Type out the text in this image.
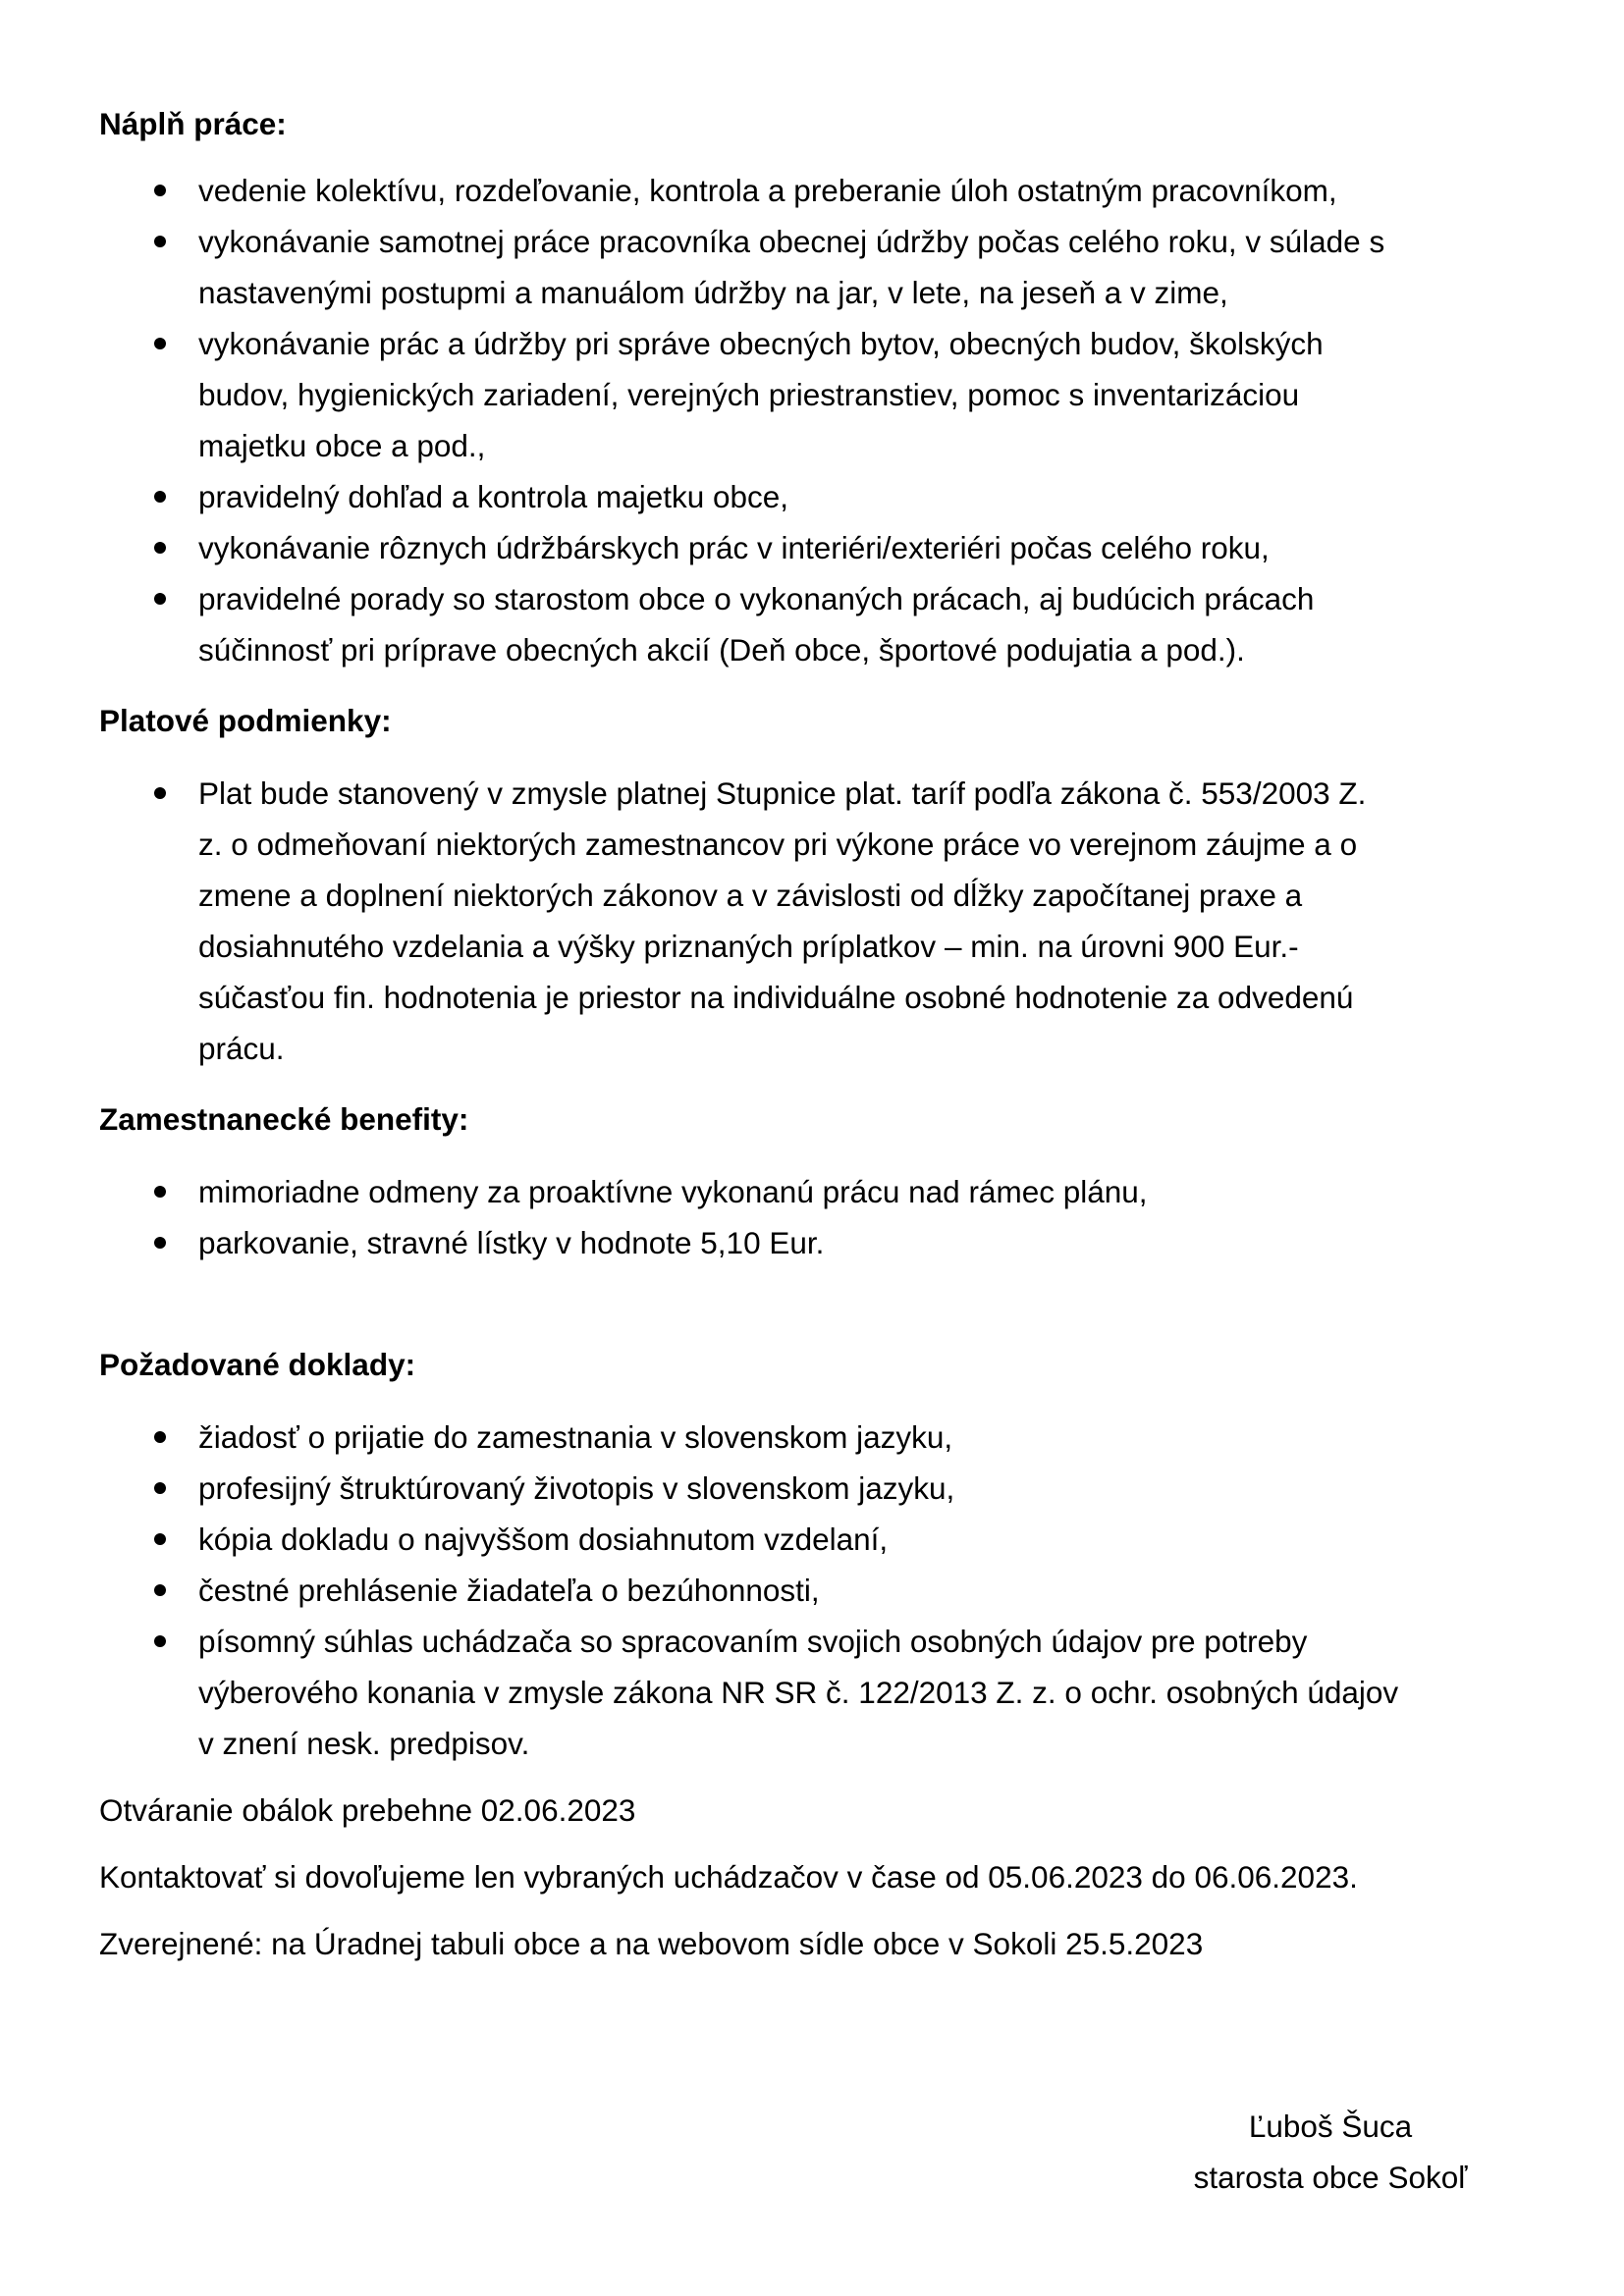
Náplň práce:

vedenie kolektívu, rozdeľovanie, kontrola a preberanie úloh ostatným pracovníkom,
vykonávanie samotnej práce pracovníka obecnej údržby počas celého roku, v súlade s
nastavenými postupmi a manuálom údržby na jar, v lete, na jeseň a v zime,
vykonávanie prác a údržby pri správe obecných bytov, obecných budov, školských
budov, hygienických zariadení, verejných priestranstiev, pomoc s inventarizáciou
majetku obce a pod.,
pravidelný dohľad a kontrola majetku obce,
vykonávanie rôznych údržbárskych prác v interiéri/exteriéri počas celého roku,
pravidelné porady so starostom obce o vykonaných prácach, aj budúcich prácach
súčinnosť pri príprave obecných akcií (Deň obce, športové podujatia a pod.).

Platové podmienky:

Plat bude stanovený v zmysle platnej Stupnice plat. taríf podľa zákona č. 553/2003 Z.
z. o odmeňovaní niektorých zamestnancov pri výkone práce vo verejnom záujme a o
zmene a doplnení niektorých zákonov a v závislosti od dĺžky započítanej praxe a
dosiahnutého vzdelania a výšky priznaných príplatkov – min. na úrovni 900 Eur.-
súčasťou fin. hodnotenia je priestor na individuálne osobné hodnotenie za odvedenú
prácu.

Zamestnanecké benefity:

mimoriadne odmeny za proaktívne vykonanú prácu nad rámec plánu,
parkovanie, stravné lístky v hodnote 5,10 Eur.

Požadované doklady:

žiadosť o prijatie do zamestnania v slovenskom jazyku,
profesijný štruktúrovaný životopis v slovenskom jazyku,
kópia dokladu o najvyššom dosiahnutom vzdelaní,
čestné prehlásenie žiadateľa o bezúhonnosti,
písomný súhlas uchádzača so spracovaním svojich osobných údajov pre potreby
výberového konania v zmysle zákona NR SR č. 122/2013 Z. z. o ochr. osobných údajov
v znení nesk. predpisov.

Otváranie obálok prebehne 02.06.2023

Kontaktovať si dovoľujeme len vybraných uchádzačov v čase od 05.06.2023 do 06.06.2023.

Zverejnené: na Úradnej tabuli obce a na webovom sídle obce v Sokoli 25.5.2023

Ľuboš Šuca
starosta obce Sokoľ
